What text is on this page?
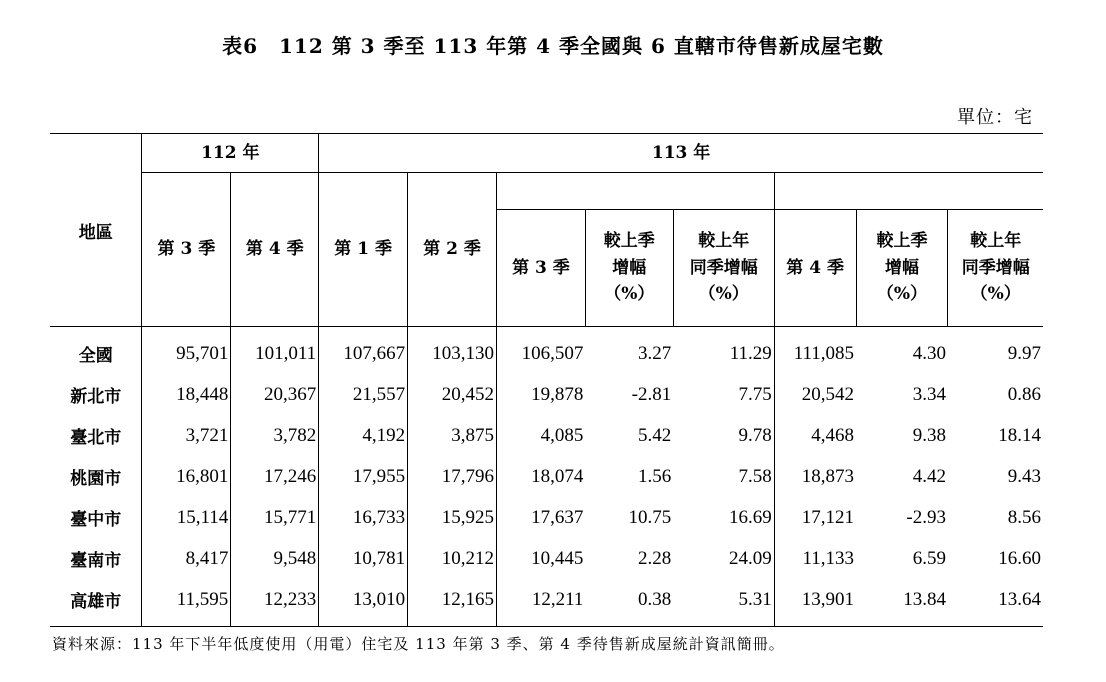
表6　112 第 3 季至 113 年第 4 季全國與 6 直轄市待售新成屋宅數
單位：宅
地區	112 年		113 年							
	第 3 季	第 4 季	第 1 季	第 2 季						
					第 3 季	較上季
增幅
（%）	較上年
同季增幅
（%）	第 4 季	較上季
增幅
（%）	較上年
同季增幅
（%）
全國	95,701	101,011	107,667	103,130	106,507	3.27	11.29	111,085	4.30	9.97
新北市	18,448	20,367	21,557	20,452	19,878	-2.81	7.75	20,542	3.34	0.86
臺北市	3,721	3,782	4,192	3,875	4,085	5.42	9.78	4,468	9.38	18.14
桃園市	16,801	17,246	17,955	17,796	18,074	1.56	7.58	18,873	4.42	9.43
臺中市	15,114	15,771	16,733	15,925	17,637	10.75	16.69	17,121	-2.93	8.56
臺南市	8,417	9,548	10,781	10,212	10,445	2.28	24.09	11,133	6.59	16.60
高雄市	11,595	12,233	13,010	12,165	12,211	0.38	5.31	13,901	13.84	13.64
資料來源：113 年下半年低度使用（用電）住宅及 113 年第 3 季、第 4 季待售新成屋統計資訊簡冊。
